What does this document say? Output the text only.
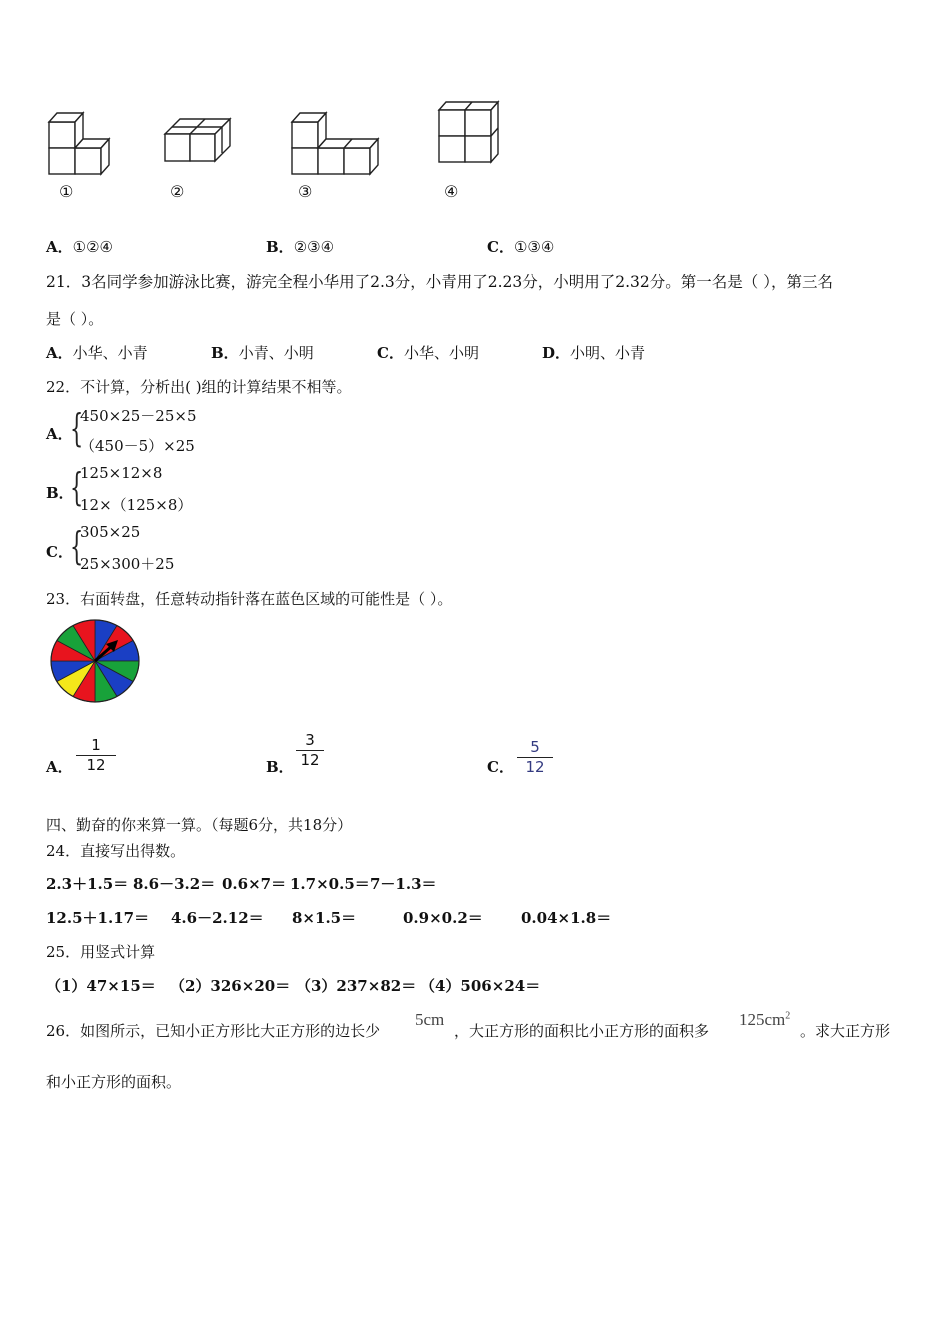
①	②	③	④
A．①②④	B．②③④	C．①③④
21．3名同学参加游泳比赛，游完全程小华用了2.3分，小青用了2.23分，小明用了2.32分。第一名是（ ），第三名
是（ ）。
A．小华、小青	B．小青、小明	C．小华、小明	D．小明、小青
22．不计算，分析出( )组的计算结果不相等。
A．
{
450×25－25×5
（450－5）×25
B．
{
125×12×8
12×（125×8）
C．
{
305×25
25×300＋25
23．右面转盘，任意转动指针落在蓝色区域的可能性是（ ）。
A．
1
12	B．
3
12	C．
5
12
四、勤奋的你来算一算。（每题6分，共18分）
24．直接写出得数。
2.3＋1.5＝ 8.6－3.2＝ 0.6×7＝ 1.7×0.5＝ 7－1.3＝
12.5＋1.17＝ 4.6－2.12＝ 8×1.5＝	0.9×0.2＝	0.04×1.8＝
25．用竖式计算
（1）47×15＝ （2）326×20＝ （3）237×82＝ （4）506×24＝
26．如图所示，已知小正方形比大正方形的边长少
5cm
，大正方形的面积比小正方形的面积多
$125cm^2$
。求大正方形
和小正方形的面积。
